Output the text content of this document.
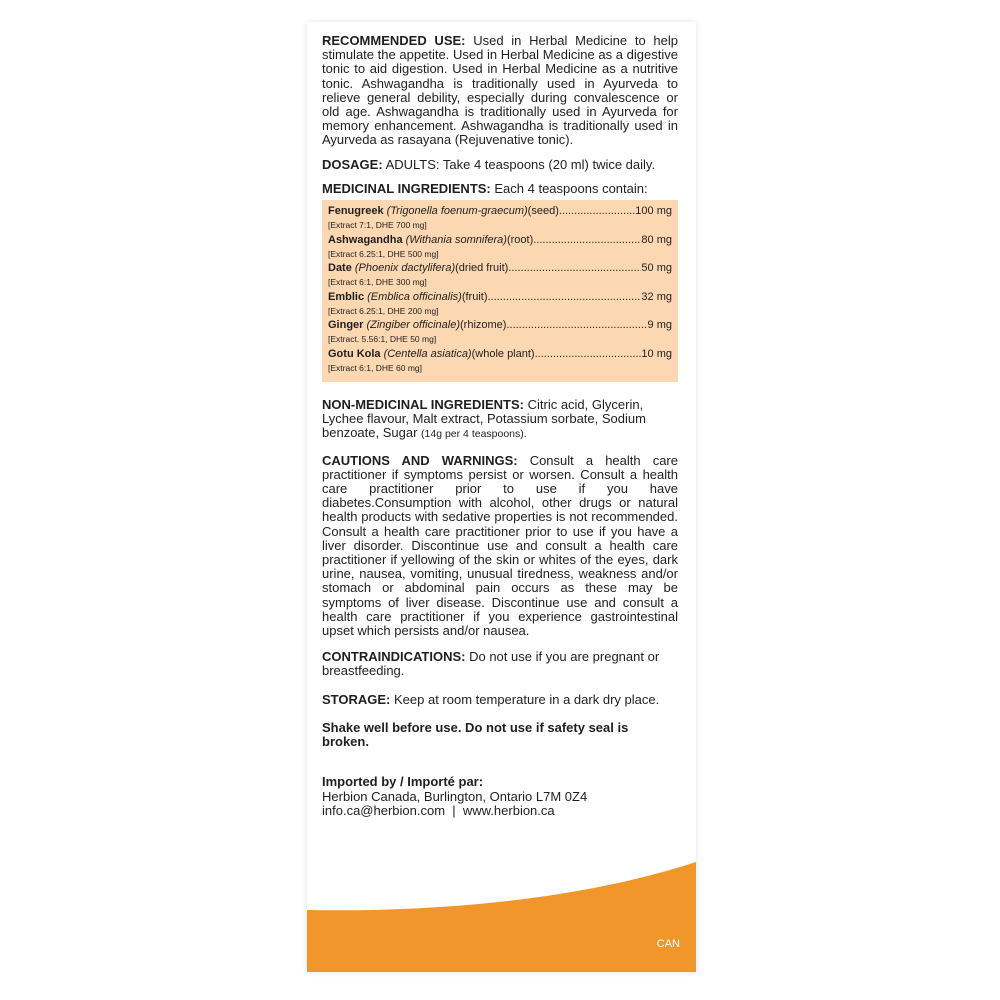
RECOMMENDED USE: Used in Herbal Medicine to help stimulate the appetite. Used in Herbal Medicine as a digestive tonic to aid digestion. Used in Herbal Medicine as a nutritive tonic. Ashwagandha is traditionally used in Ayurveda to relieve general debility, especially during convalescence or old age. Ashwagandha is traditionally used in Ayurveda for memory enhancement. Ashwagandha is traditionally used in Ayurveda as rasayana (Rejuvenative tonic).

DOSAGE: ADULTS: Take 4 teaspoons (20 ml) twice daily.

MEDICINAL INGREDIENTS: Each 4 teaspoons contain:

Fenugreek (Trigonella foenum-graecum) (seed) .....	100 mg
[Extract 7:1, DHE 700 mg]
Ashwagandha (Withania somnifera) (root) .....	80 mg
[Extract 6.25:1, DHE 500 mg]
Date (Phoenix dactylifera) (dried fruit) .....	50 mg
[Extract 6:1, DHE 300 mg]
Emblic (Emblica officinalis) (fruit) .....	32 mg
[Extract 6.25:1, DHE 200 mg]
Ginger (Zingiber officinale) (rhizome) .....	9 mg
[Extract. 5.56:1, DHE 50 mg]
Gotu Kola (Centella asiatica) (whole plant) .....	10 mg
[Extract 6:1, DHE 60 mg]

NON-MEDICINAL INGREDIENTS: Citric acid, Glycerin, Lychee flavour, Malt extract, Potassium sorbate, Sodium benzoate, Sugar (14g per 4 teaspoons).

CAUTIONS AND WARNINGS: Consult a health care practitioner if symptoms persist or worsen. Consult a health care practitioner prior to use if you have diabetes.Consumption with alcohol, other drugs or natural health products with sedative properties is not recommended. Consult a health care practitioner prior to use if you have a liver disorder. Discontinue use and consult a health care practitioner if yellowing of the skin or whites of the eyes, dark urine, nausea, vomiting, unusual tiredness, weakness and/or stomach or abdominal pain occurs as these may be symptoms of liver disease. Discontinue use and consult a health care practitioner if you experience gastrointestinal upset which persists and/or nausea.

CONTRAINDICATIONS: Do not use if you are pregnant or breastfeeding.

STORAGE: Keep at room temperature in a dark dry place.

Shake well before use. Do not use if safety seal is broken.

Imported by / Importé par:
Herbion Canada, Burlington, Ontario L7M 0Z4
info.ca@herbion.com  |  www.herbion.ca

CAN
